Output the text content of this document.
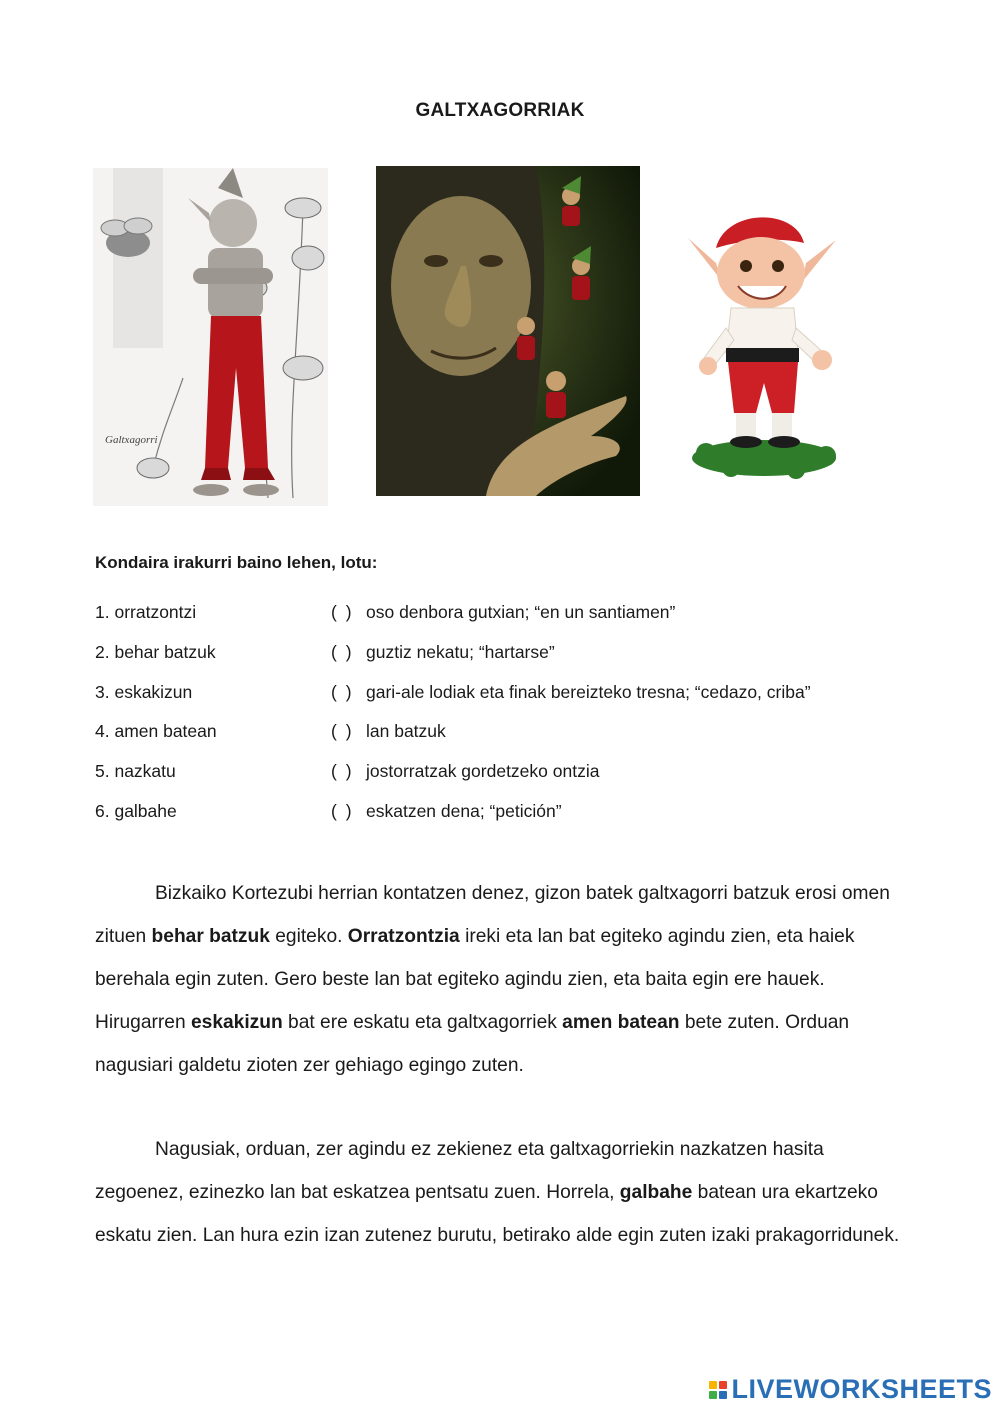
GALTXAGORRIAK
Galtxagorri
Kondaira irakurri baino lehen, lotu:
1. orratzontzi	( ) oso denbora gutxian; “en un santiamen”
2. behar batzuk	( ) guztiz nekatu; “hartarse”
3. eskakizun	( ) gari-ale lodiak eta finak bereizteko tresna; “cedazo, criba”
4. amen batean	( ) lan batzuk
5. nazkatu	( ) jostorratzak gordetzeko ontzia
6. galbahe	( ) eskatzen dena; “petición”

Bizkaiko Kortezubi herrian kontatzen denez, gizon batek galtxagorri batzuk erosi omen zituen behar batzuk egiteko. Orratzontzia ireki eta lan bat egiteko agindu zien, eta haiek berehala egin zuten. Gero beste lan bat egiteko agindu zien, eta baita egin ere hauek. Hirugarren eskakizun bat ere eskatu eta galtxagorriek amen batean bete zuten. Orduan nagusiari galdetu zioten zer gehiago egingo zuten.

Nagusiak, orduan, zer agindu ez zekienez eta galtxagorriekin nazkatzen hasita zegoenez, ezinezko lan bat eskatzea pentsatu zuen. Horrela, galbahe batean ura ekartzeko eskatu zien. Lan hura ezin izan zutenez burutu, betirako alde egin zuten izaki prakagorridunek.

LIVEWORKSHEETS
